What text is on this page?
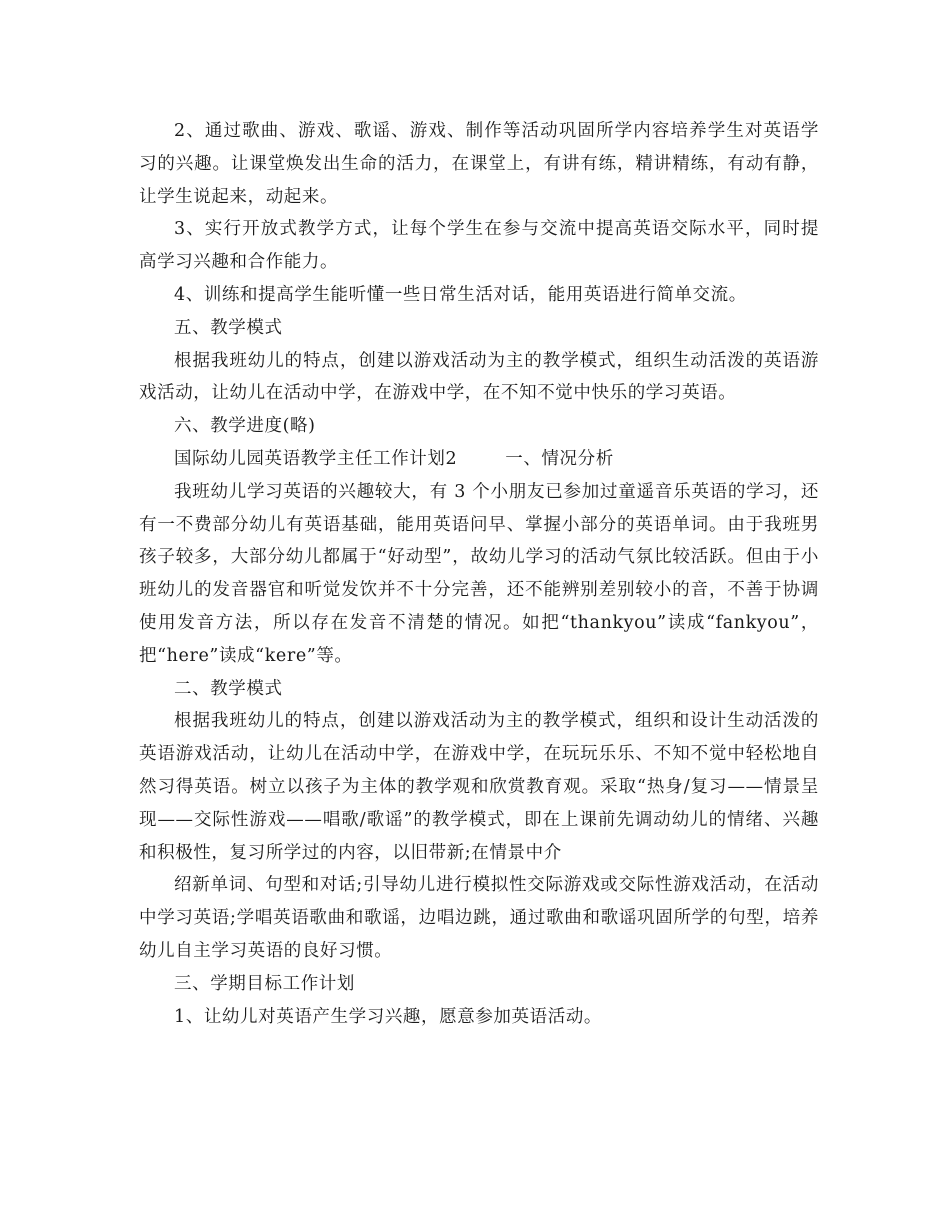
2、通过歌曲、游戏、歌谣、游戏、制作等活动巩固所学内容培养学生对英语学习的兴趣。让课堂焕发出生命的活力，在课堂上，有讲有练，精讲精练，有动有静，让学生说起来，动起来。

3、实行开放式教学方式，让每个学生在参与交流中提高英语交际水平，同时提高学习兴趣和合作能力。

4、训练和提高学生能听懂一些日常生活对话，能用英语进行简单交流。

五、教学模式

根据我班幼儿的特点，创建以游戏活动为主的教学模式，组织生动活泼的英语游戏活动，让幼儿在活动中学，在游戏中学，在不知不觉中快乐的学习英语。

六、教学进度(略)

国际幼儿园英语教学主任工作计划2	一、情况分析

我班幼儿学习英语的兴趣较大，有 3 个小朋友已参加过童遥音乐英语的学习，还有一不费部分幼儿有英语基础，能用英语问早、掌握小部分的英语单词。由于我班男孩子较多，大部分幼儿都属于“好动型”，故幼儿学习的活动气氛比较活跃。但由于小班幼儿的发音器官和听觉发饮并不十分完善，还不能辨别差别较小的音，不善于协调使用发音方法，所以存在发音不清楚的情况。如把“thankyou”读成“fankyou”，把“here”读成“kere”等。

二、教学模式

根据我班幼儿的特点，创建以游戏活动为主的教学模式，组织和设计生动活泼的英语游戏活动，让幼儿在活动中学，在游戏中学，在玩玩乐乐、不知不觉中轻松地自然习得英语。树立以孩子为主体的教学观和欣赏教育观。采取“热身/复习——情景呈现——交际性游戏——唱歌/歌谣”的教学模式，即在上课前先调动幼儿的情绪、兴趣和积极性，复习所学过的内容，以旧带新;在情景中介

绍新单词、句型和对话;引导幼儿进行模拟性交际游戏或交际性游戏活动，在活动中学习英语;学唱英语歌曲和歌谣，边唱边跳，通过歌曲和歌谣巩固所学的句型，培养幼儿自主学习英语的良好习惯。

三、学期目标工作计划

1、让幼儿对英语产生学习兴趣，愿意参加英语活动。
